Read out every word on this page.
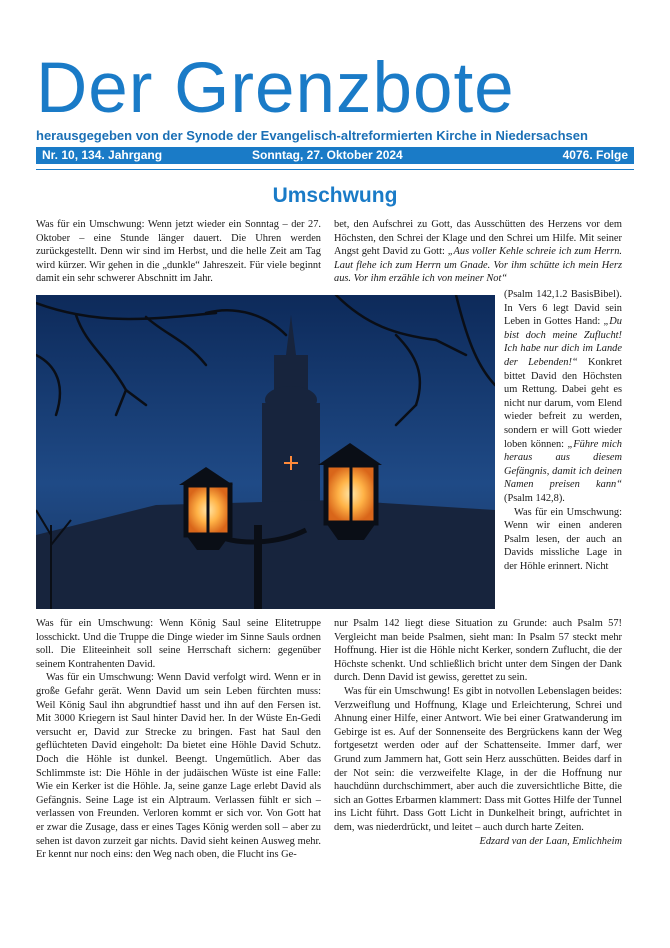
Der Grenzbote
herausgegeben von der Synode der Evangelisch-altreformierten Kirche in Niedersachsen
Nr. 10, 134. Jahrgang	Sonntag, 27. Oktober 2024	4076. Folge
Umschwung

Was für ein Umschwung: Wenn jetzt wieder ein Sonntag – der 27. Oktober – eine Stunde länger dauert. Die Uhren werden zurückgestellt. Denn wir sind im Herbst, und die helle Zeit am Tag wird kürzer. Wir gehen in die „dunkle“ Jahreszeit. Für viele beginnt damit ein sehr schwerer Abschnitt im Jahr.

bet, den Aufschrei zu Gott, das Ausschütten des Herzens vor dem Höchsten, den Schrei der Klage und den Schrei um Hilfe. Mit seiner Angst geht David zu Gott: „Aus voller Kehle schreie ich zum Herrn. Laut flehe ich zum Herrn um Gnade. Vor ihm schütte ich mein Herz aus. Vor ihm erzähle ich von meiner Not“

(Psalm 142,1.2 BasisBibel). In Vers 6 legt David sein Leben in Gottes Hand: „Du bist doch meine Zuflucht! Ich habe nur dich im Lande der Lebenden!“ Konkret bittet David den Höchsten um Rettung. Dabei geht es nicht nur darum, vom Elend wieder befreit zu werden, sondern er will Gott wieder loben können: „Führe mich heraus aus diesem Gefängnis, damit ich deinen Namen preisen kann“ (Psalm 142,8).

Was für ein Umschwung: Wenn wir einen anderen Psalm lesen, der auch an Davids missliche Lage in der Höhle erinnert. Nicht

Was für ein Umschwung: Wenn König Saul seine Elitetruppe losschickt. Und die Truppe die Dinge wieder im Sinne Sauls ordnen soll. Die Eliteeinheit soll seine Herrschaft sichern: gegenüber seinem Kontrahenten David.

Was für ein Umschwung: Wenn David verfolgt wird. Wenn er in große Gefahr gerät. Wenn David um sein Leben fürchten muss: Weil König Saul ihn abgrundtief hasst und ihn auf den Fersen ist. Mit 3000 Kriegern ist Saul hinter David her. In der Wüste En-Gedi versucht er, David zur Strecke zu bringen. Fast hat Saul den geflüchteten David eingeholt: Da bietet eine Höhle David Schutz. Doch die Höhle ist dunkel. Beengt. Ungemütlich. Aber das Schlimmste ist: Die Höhle in der judäischen Wüste ist eine Falle: Wie ein Kerker ist die Höhle. Ja, seine ganze Lage erlebt David als Gefängnis. Seine Lage ist ein Alptraum. Verlassen fühlt er sich – verlassen von Freunden. Verloren kommt er sich vor. Von Gott hat er zwar die Zusage, dass er eines Tages König werden soll – aber zu sehen ist davon zurzeit gar nichts. David sieht keinen Ausweg mehr. Er kennt nur noch eins: den Weg nach oben, die Flucht ins Ge-

nur Psalm 142 liegt diese Situation zu Grunde: auch Psalm 57! Vergleicht man beide Psalmen, sieht man: In Psalm 57 steckt mehr Hoffnung. Hier ist die Höhle nicht Kerker, sondern Zuflucht, die der Höchste schenkt. Und schließlich bricht unter dem Singen der Dank durch. Denn David ist gewiss, gerettet zu sein.

Was für ein Umschwung! Es gibt in notvollen Lebenslagen beides: Verzweiflung und Hoffnung, Klage und Erleichterung, Schrei und Ahnung einer Hilfe, einer Antwort. Wie bei einer Gratwanderung im Gebirge ist es. Auf der Sonnenseite des Bergrückens kann der Weg fortgesetzt werden oder auf der Schattenseite. Immer darf, wer Grund zum Jammern hat, Gott sein Herz ausschütten. Beides darf in der Not sein: die verzweifelte Klage, in der die Hoffnung nur hauchdünn durchschimmert, aber auch die zuversichtliche Bitte, die sich an Gottes Erbarmen klammert: Dass mit Gottes Hilfe der Tunnel ins Licht führt. Dass Gott Licht in Dunkelheit bringt, aufrichtet in dem, was niederdrückt, und leitet – auch durch harte Zeiten.

Edzard van der Laan, Emlichheim
